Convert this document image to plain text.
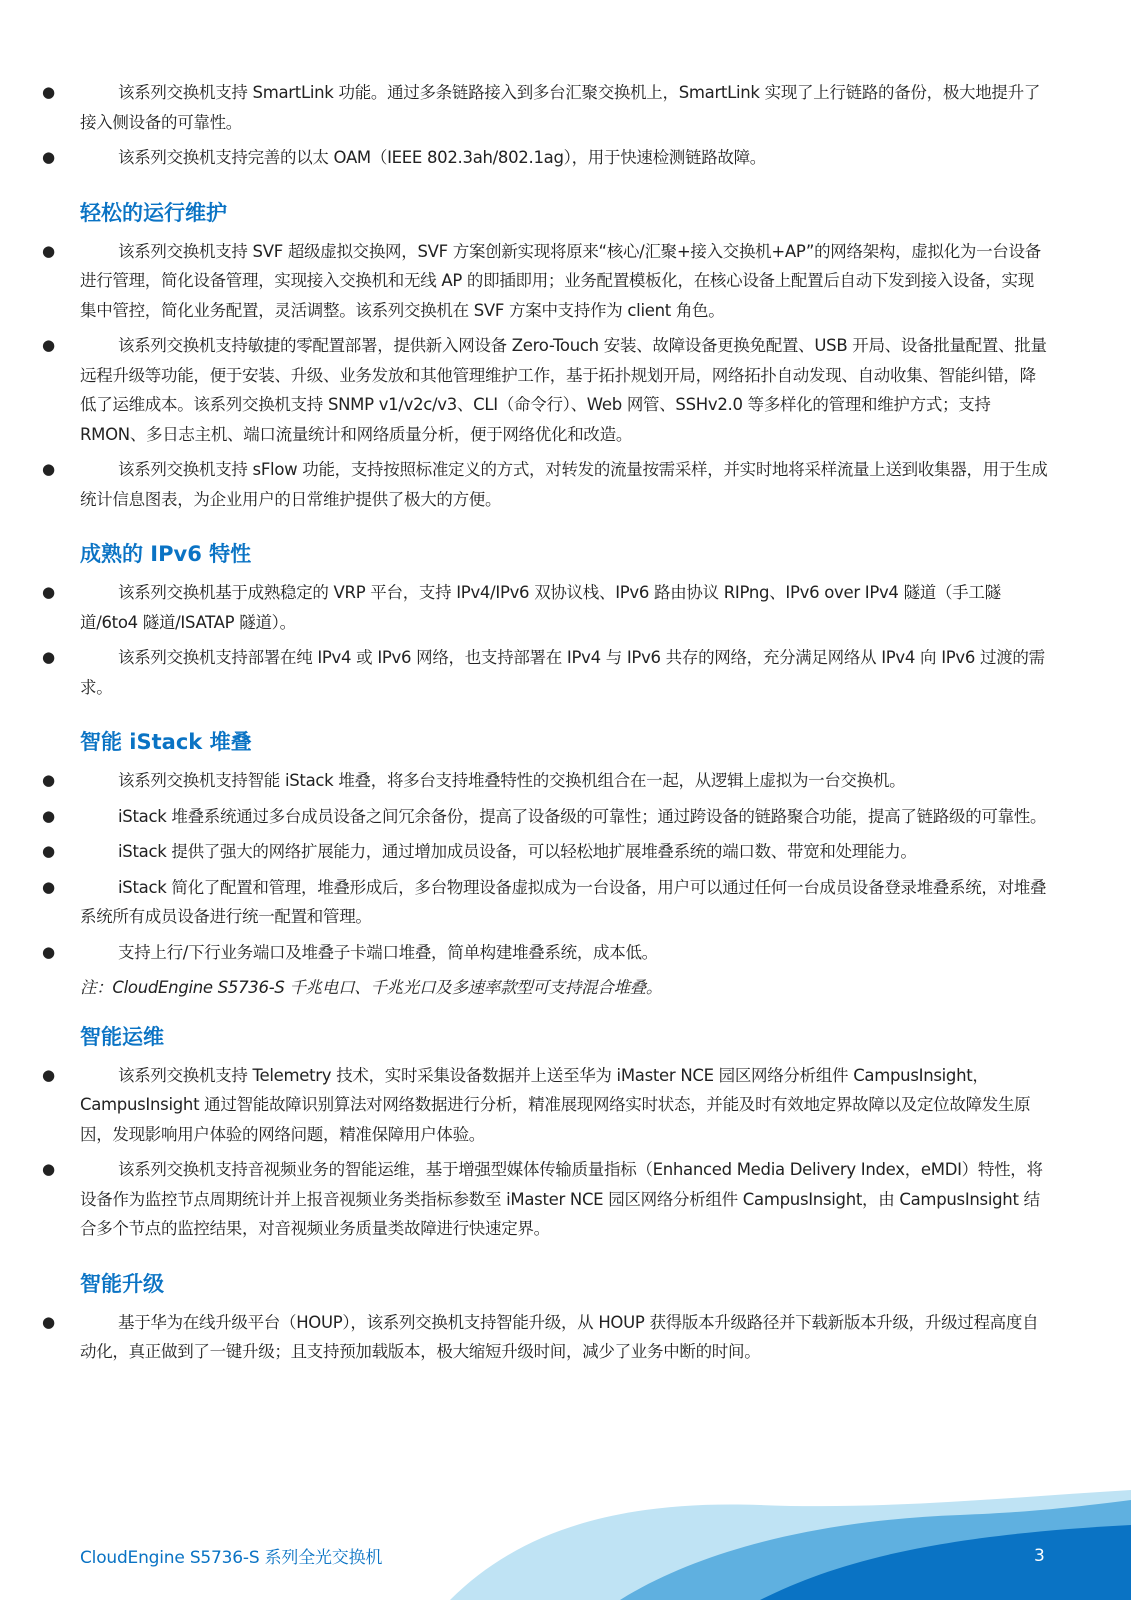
●	该系列交换机支持 SmartLink 功能。通过多条链路接入到多台汇聚交换机上，SmartLink 实现了上行链路的备份，极大地提升了接入侧设备的可靠性。

●	该系列交换机支持完善的以太 OAM（IEEE 802.3ah/802.1ag），用于快速检测链路故障。

轻松的运行维护

●	该系列交换机支持 SVF 超级虚拟交换网，SVF 方案创新实现将原来“核心/汇聚+接入交换机+AP”的网络架构，虚拟化为一台设备进行管理，简化设备管理，实现接入交换机和无线 AP 的即插即用；业务配置模板化，在核心设备上配置后自动下发到接入设备，实现集中管控，简化业务配置，灵活调整。该系列交换机在 SVF 方案中支持作为 client 角色。

●	该系列交换机支持敏捷的零配置部署，提供新入网设备 Zero-Touch 安装、故障设备更换免配置、USB 开局、设备批量配置、批量远程升级等功能，便于安装、升级、业务发放和其他管理维护工作，基于拓扑规划开局，网络拓扑自动发现、自动收集、智能纠错，降低了运维成本。该系列交换机支持 SNMP v1/v2c/v3、CLI（命令行）、Web 网管、SSHv2.0 等多样化的管理和维护方式；支持 RMON、多日志主机、端口流量统计和网络质量分析，便于网络优化和改造。

●	该系列交换机支持 sFlow 功能，支持按照标准定义的方式，对转发的流量按需采样，并实时地将采样流量上送到收集器，用于生成统计信息图表，为企业用户的日常维护提供了极大的方便。

成熟的 IPv6 特性

●	该系列交换机基于成熟稳定的 VRP 平台，支持 IPv4/IPv6 双协议栈、IPv6 路由协议 RIPng、IPv6 over IPv4 隧道（手工隧道/6to4 隧道/ISATAP 隧道）。

●	该系列交换机支持部署在纯 IPv4 或 IPv6 网络，也支持部署在 IPv4 与 IPv6 共存的网络，充分满足网络从 IPv4 向 IPv6 过渡的需求。

智能 iStack 堆叠

●	该系列交换机支持智能 iStack 堆叠，将多台支持堆叠特性的交换机组合在一起，从逻辑上虚拟为一台交换机。

●	iStack 堆叠系统通过多台成员设备之间冗余备份，提高了设备级的可靠性；通过跨设备的链路聚合功能，提高了链路级的可靠性。

●	iStack 提供了强大的网络扩展能力，通过增加成员设备，可以轻松地扩展堆叠系统的端口数、带宽和处理能力。

●	iStack 简化了配置和管理，堆叠形成后，多台物理设备虚拟成为一台设备，用户可以通过任何一台成员设备登录堆叠系统，对堆叠系统所有成员设备进行统一配置和管理。

●	支持上行/下行业务端口及堆叠子卡端口堆叠，简单构建堆叠系统，成本低。

注：CloudEngine S5736-S 千兆电口、千兆光口及多速率款型可支持混合堆叠。

智能运维

●	该系列交换机支持 Telemetry 技术，实时采集设备数据并上送至华为 iMaster NCE 园区网络分析组件 CampusInsight，CampusInsight 通过智能故障识别算法对网络数据进行分析，精准展现网络实时状态，并能及时有效地定界故障以及定位故障发生原因，发现影响用户体验的网络问题，精准保障用户体验。

●	该系列交换机支持音视频业务的智能运维，基于增强型媒体传输质量指标（Enhanced Media Delivery Index，eMDI）特性，将设备作为监控节点周期统计并上报音视频业务类指标参数至 iMaster NCE 园区网络分析组件 CampusInsight，由 CampusInsight 结合多个节点的监控结果，对音视频业务质量类故障进行快速定界。

智能升级

●	基于华为在线升级平台（HOUP），该系列交换机支持智能升级，从 HOUP 获得版本升级路径并下载新版本升级，升级过程高度自动化，真正做到了一键升级；且支持预加载版本，极大缩短升级时间，减少了业务中断的时间。

CloudEngine S5736-S 系列全光交换机	3
